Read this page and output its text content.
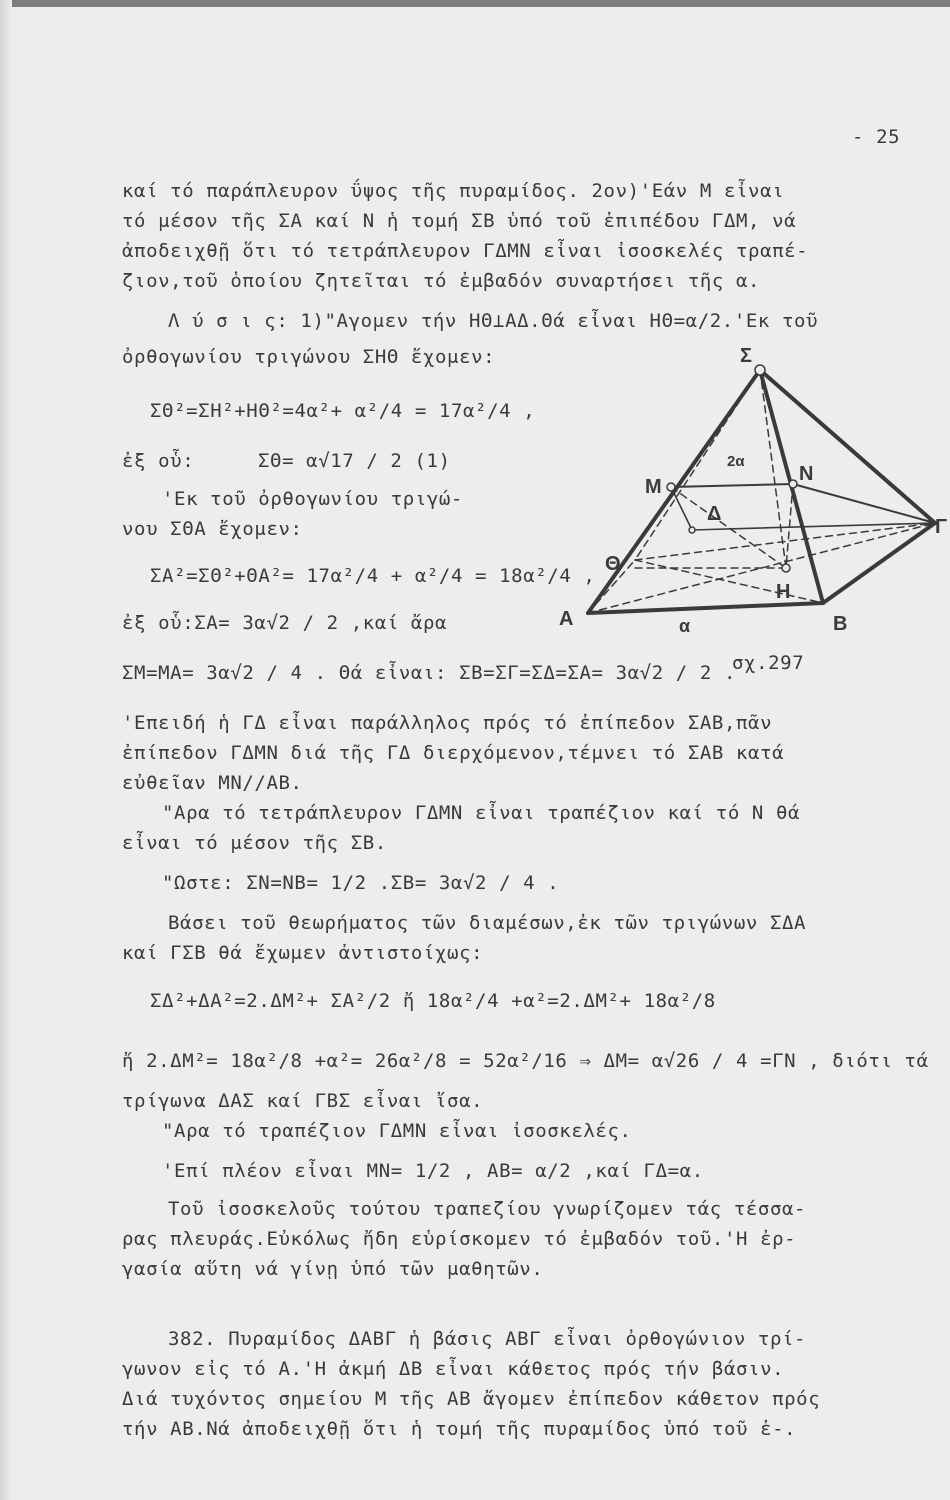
- 25
καί τό παράπλευρον ΰψος τῆς πυραμίδος. 2ον)'Εάν Μ εἶναι
τό μέσον τῆς ΣΑ καί Ν ἡ τομή ΣΒ ὑπό τοῦ ἐπιπέδου ΓΔΜ, νά
ἀποδειχθῇ ὅτι τό τετράπλευρον ΓΔΜΝ εἶναι ἰσοσκελές τραπέ-
ζιον,τοῦ ὁποίου ζητεῖται τό ἐμβαδόν συναρτήσει τῆς α.
Λ ύ σ ι ς: 1)"Αγομεν τήν ΗΘ⊥ΑΔ.Θά εἶναι ΗΘ=α/2.'Εκ τοῦ
ὀρθογωνίου τριγώνου ΣΗΘ ἔχομεν:
ΣΘ²=ΣΗ²+ΗΘ²=4α²+ α²/4 = 17α²/4 ,
ἐξ οὗ:	ΣΘ= α√17 / 2 (1)
'Εκ τοῦ ὀρθογωνίου τριγώ-
νου ΣΘΑ ἔχομεν:
ΣΑ²=ΣΘ²+ΘΑ²= 17α²/4 + α²/4 = 18α²/4 ,
ἐξ οὗ:ΣΑ= 3α√2 / 2 ,καί ἄρα
ΣΜ=ΜΑ= 3α√2 / 4 . Θά εἶναι: ΣΒ=ΣΓ=ΣΔ=ΣΑ= 3α√2 / 2 .
σχ.297
Σ
M
N
Δ
Γ
H
Θ
A	B
α
2α
'Επειδή ἡ ΓΔ εἶναι παράλληλος πρός τό ἐπίπεδον ΣΑΒ,πᾶν
ἐπίπεδον ΓΔΜΝ διά τῆς ΓΔ διερχόμενον,τέμνει τό ΣΑΒ κατά
εὐθεῖαν ΜΝ//ΑΒ.
"Αρα τό τετράπλευρον ΓΔΜΝ εἶναι τραπέζιον καί τό Ν θά
εἶναι τό μέσον τῆς ΣΒ.
"Ωστε: ΣΝ=ΝΒ= 1/2 .ΣΒ= 3α√2 / 4 .
Βάσει τοῦ θεωρήματος τῶν διαμέσων,ἐκ τῶν τριγώνων ΣΔΑ
καί ΓΣΒ θά ἔχωμεν ἀντιστοίχως:
ΣΔ²+ΔΑ²=2.ΔΜ²+ ΣΑ²/2 ἤ 18α²/4 +α²=2.ΔΜ²+ 18α²/8
ἤ 2.ΔΜ²= 18α²/8 +α²= 26α²/8 = 52α²/16 ⇒ ΔΜ= α√26 / 4 =ΓΝ , διότι τά
τρίγωνα ΔΑΣ καί ΓΒΣ εἶναι ἴσα.
"Αρα τό τραπέζιον ΓΔΜΝ εἶναι ἰσοσκελές.
'Επί πλέον εἶναι ΜΝ= 1/2 , ΑΒ= α/2 ,καί ΓΔ=α.
Τοῦ ἰσοσκελοῦς τούτου τραπεζίου γνωρίζομεν τάς τέσσα-
ρας πλευράς.Εὐκόλως ἤδη εὑρίσκομεν τό ἐμβαδόν τοῦ.'Η ἐρ-
γασία αὕτη νά γίνῃ ὑπό τῶν μαθητῶν.
382. Πυραμίδος ΔΑΒΓ ἡ βάσις ΑΒΓ εἶναι ὀρθογώνιον τρί-
γωνον εἰς τό Α.'Η ἀκμή ΔΒ εἶναι κάθετος πρός τήν βάσιν.
Διά τυχόντος σημείου Μ τῆς ΑΒ ἄγομεν ἐπίπεδον κάθετον πρός
τήν ΑΒ.Νά ἀποδειχθῇ ὅτι ἡ τομή τῆς πυραμίδος ὑπό τοῦ ἐ-.
